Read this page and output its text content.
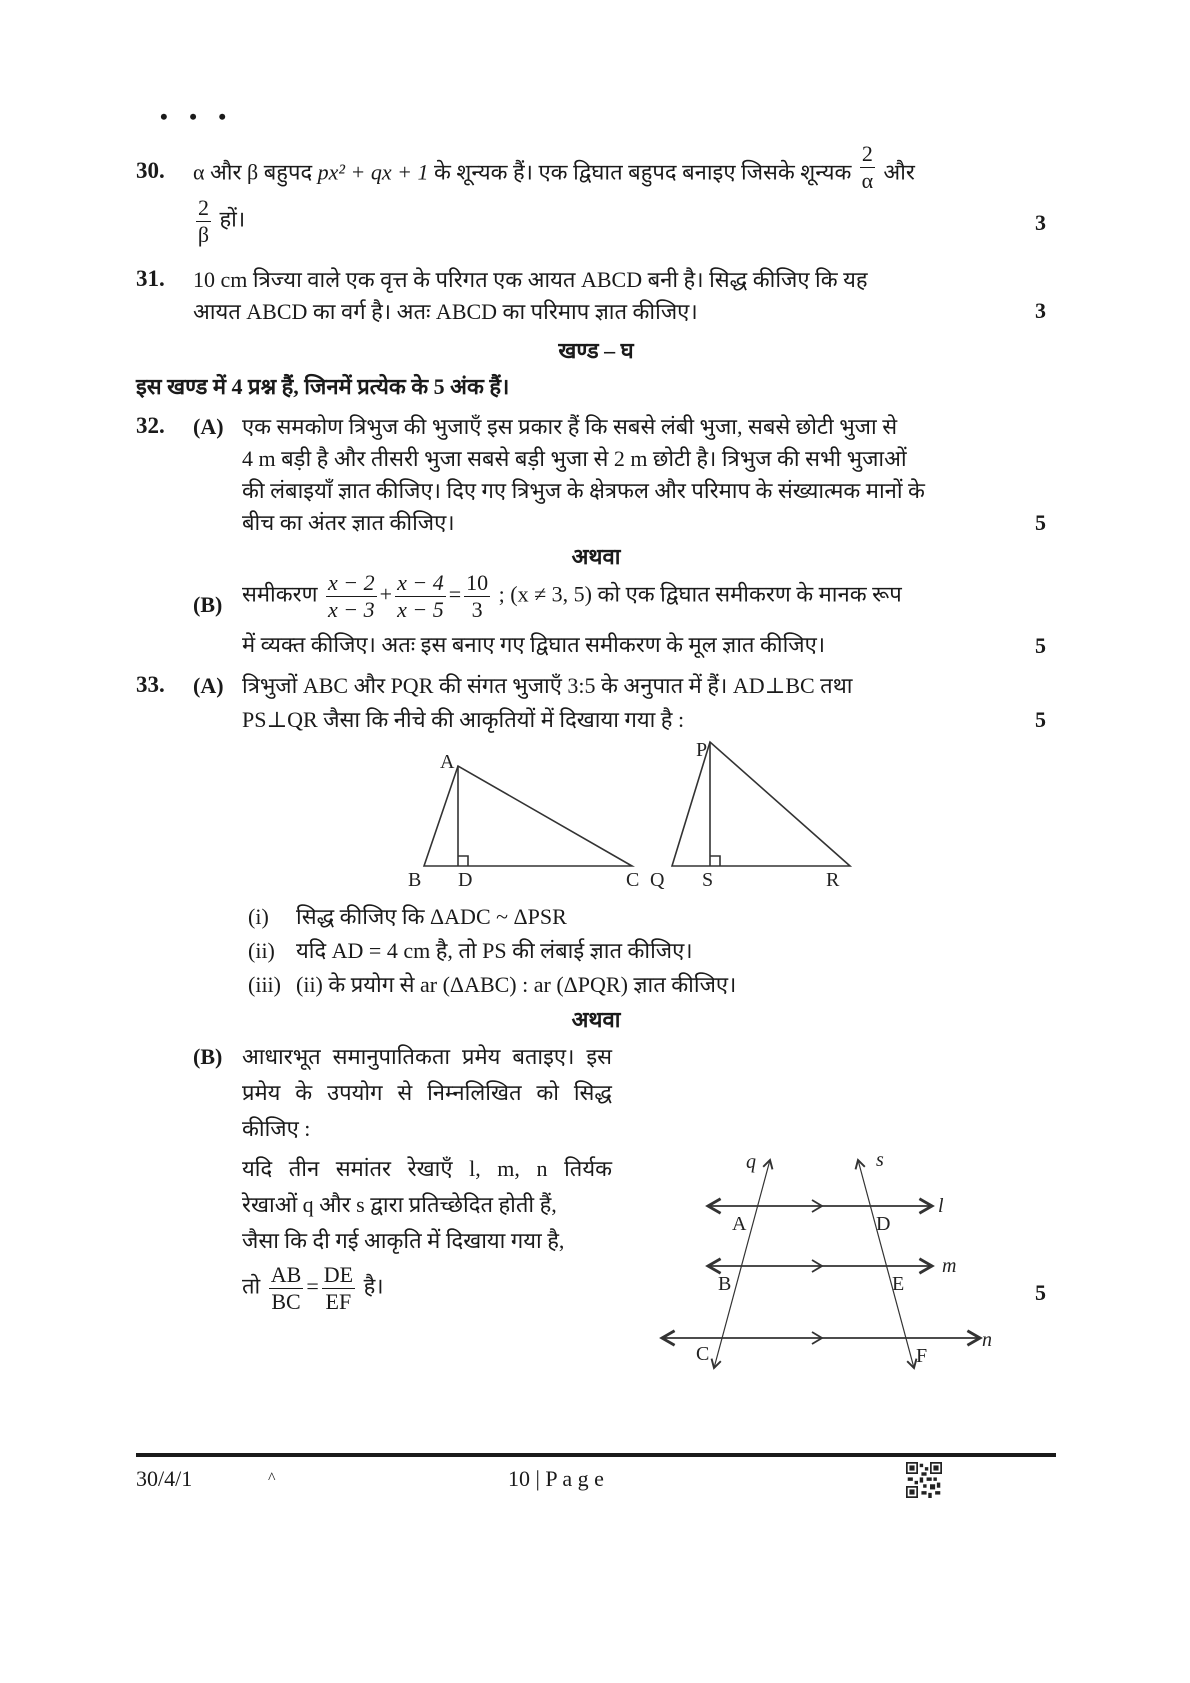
• • •
30. α और β बहुपद px² + qx + 1 के शून्यक हैं। एक द्विघात बहुपद बनाइए जिसके शून्यक $\frac{2}{\alpha}$ और
$\frac{2}{\beta}$ हों।	3
31. 10 cm त्रिज्या वाले एक वृत्त के परिगत एक आयत ABCD बनी है। सिद्ध कीजिए कि यह
आयत ABCD का वर्ग है। अतः ABCD का परिमाप ज्ञात कीजिए।	3
खण्ड – घ
इस खण्ड में 4 प्रश्न हैं, जिनमें प्रत्येक के 5 अंक हैं।
32. (A) एक समकोण त्रिभुज की भुजाएँ इस प्रकार हैं कि सबसे लंबी भुजा, सबसे छोटी भुजा से
4 m बड़ी है और तीसरी भुजा सबसे बड़ी भुजा से 2 m छोटी है। त्रिभुज की सभी भुजाओं
की लंबाइयाँ ज्ञात कीजिए। दिए गए त्रिभुज के क्षेत्रफल और परिमाप के संख्यात्मक मानों के
बीच का अंतर ज्ञात कीजिए।	5
अथवा
(B) समीकरण $\frac{x - 2}{x - 3} + \frac{x - 4}{x - 5} = \frac{10}{3}$ ; (x ≠ 3, 5) को एक द्विघात समीकरण के मानक रूप
में व्यक्त कीजिए। अतः इस बनाए गए द्विघात समीकरण के मूल ज्ञात कीजिए।	5
33. (A) त्रिभुजों ABC और PQR की संगत भुजाएँ 3:5 के अनुपात में हैं। AD⊥BC तथा
PS⊥QR जैसा कि नीचे की आकृतियों में दिखाया गया है :	5
A
B D	C
P
Q S	R
(i) सिद्ध कीजिए कि ΔADC ~ ΔPSR
(ii) यदि AD = 4 cm है, तो PS की लंबाई ज्ञात कीजिए।
(iii) (ii) के प्रयोग से ar (ΔABC) : ar (ΔPQR) ज्ञात कीजिए।
अथवा
(B) आधारभूत समानुपातिकता प्रमेय बताइए। इस
प्रमेय के उपयोग से निम्नलिखित को सिद्ध
कीजिए :
यदि तीन समांतर रेखाएँ l, m, n तिर्यक
रेखाओं q और s द्वारा प्रतिच्छेदित होती हैं,
जैसा कि दी गई आकृति में दिखाया गया है,
तो $\frac{AB}{BC} = \frac{DE}{EF}$ है।	5
q	s
l
m
n
A
B
C
D
E
F
30/4/1	^	10 | P a g e
